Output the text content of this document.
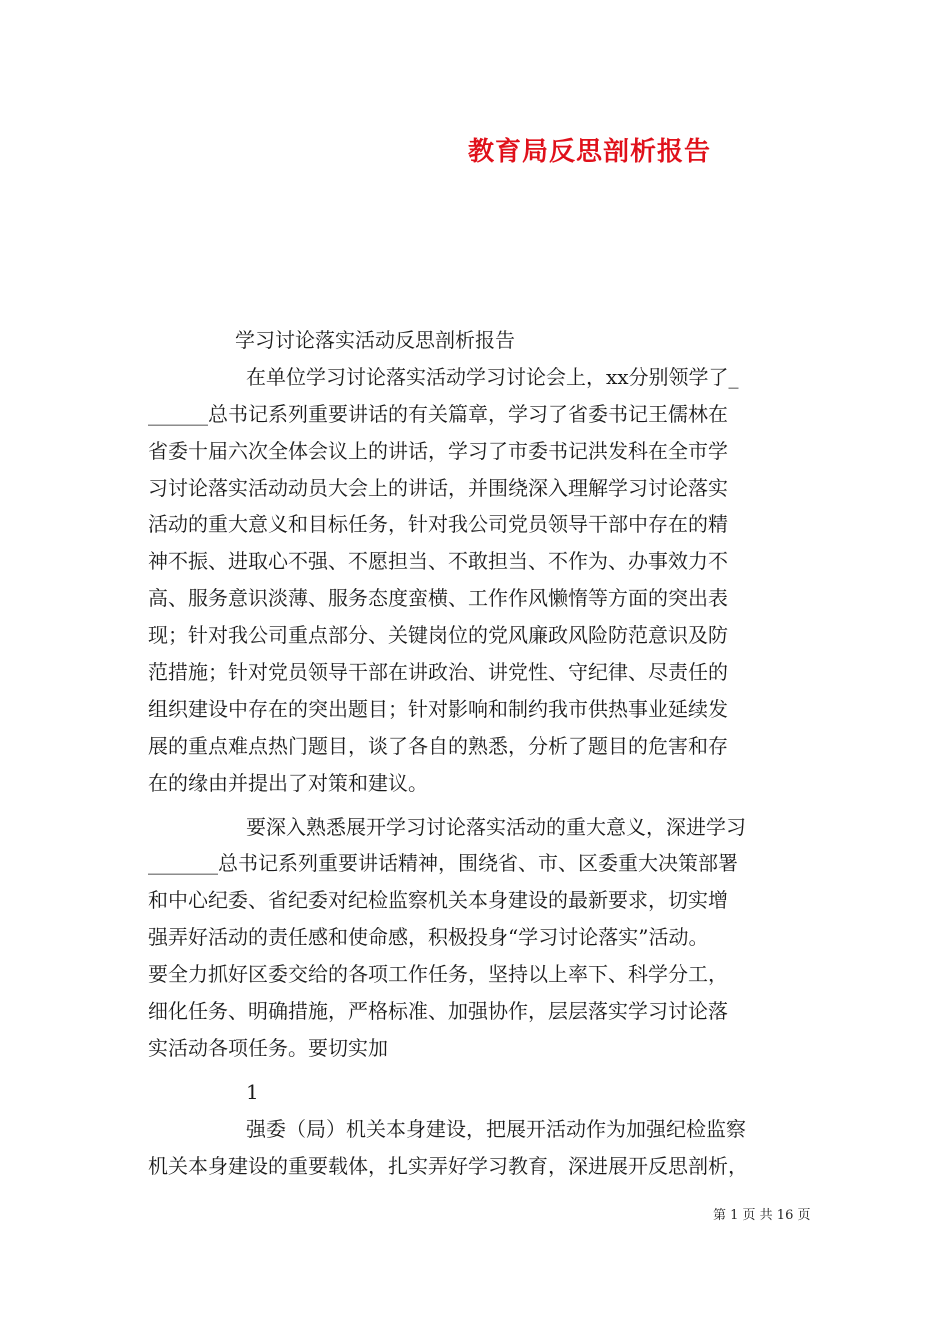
教育局反思剖析报告
学习讨论落实活动反思剖析报告
在单位学习讨论落实活动学习讨论会上，xx分别领学了_
______总书记系列重要讲话的有关篇章，学习了省委书记王儒林在
省委十届六次全体会议上的讲话，学习了市委书记洪发科在全市学
习讨论落实活动动员大会上的讲话，并围绕深入理解学习讨论落实
活动的重大意义和目标任务，针对我公司党员领导干部中存在的精
神不振、进取心不强、不愿担当、不敢担当、不作为、办事效力不
高、服务意识淡薄、服务态度蛮横、工作作风懒惰等方面的突出表
现；针对我公司重点部分、关键岗位的党风廉政风险防范意识及防
范措施；针对党员领导干部在讲政治、讲党性、守纪律、尽责任的
组织建设中存在的突出题目；针对影响和制约我市供热事业延续发
展的重点难点热门题目，谈了各自的熟悉，分析了题目的危害和存
在的缘由并提出了对策和建议。
要深入熟悉展开学习讨论落实活动的重大意义，深进学习
_______总书记系列重要讲话精神，围绕省、市、区委重大决策部署
和中心纪委、省纪委对纪检监察机关本身建设的最新要求，切实增
强弄好活动的责任感和使命感，积极投身“学习讨论落实”活动。
要全力抓好区委交给的各项工作任务，坚持以上率下、科学分工，
细化任务、明确措施，严格标准、加强协作，层层落实学习讨论落
实活动各项任务。要切实加
1
强委（局）机关本身建设，把展开活动作为加强纪检监察
机关本身建设的重要载体，扎实弄好学习教育，深进展开反思剖析，
第 1 页 共 16 页
